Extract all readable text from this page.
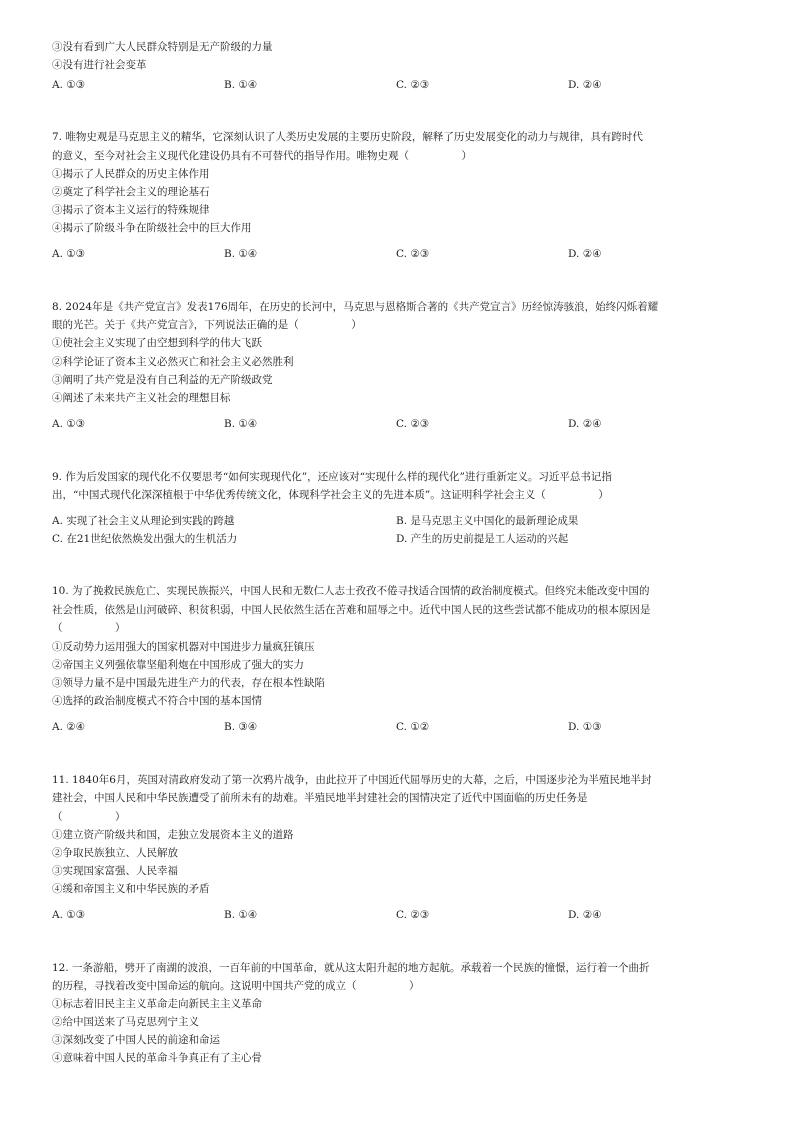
③没有看到广大人民群众特别是无产阶级的力量
④没有进行社会变革
A. ①③	B. ①④	C. ②③	D. ②④
7. 唯物史观是马克思主义的精华，它深刻认识了人类历史发展的主要历史阶段，解释了历史发展变化的动力与规律，具有跨时代
的意义，至今对社会主义现代化建设仍具有不可替代的指导作用。唯物史观（　　　　　）
①揭示了人民群众的历史主体作用
②奠定了科学社会主义的理论基石
③揭示了资本主义运行的特殊规律
④揭示了阶级斗争在阶级社会中的巨大作用
A. ①③	B. ①④	C. ②③	D. ②④
8. 2024年是《共产党宣言》发表176周年，在历史的长河中，马克思与恩格斯合著的《共产党宣言》历经惊涛骇浪，始终闪烁着耀
眼的光芒。关于《共产党宣言》，下列说法正确的是（　　　　　）
①使社会主义实现了由空想到科学的伟大飞跃
②科学论证了资本主义必然灭亡和社会主义必然胜利
③阐明了共产党是没有自己利益的无产阶级政党
④阐述了未来共产主义社会的理想目标
A. ①③	B. ①④	C. ②③	D. ②④
9. 作为后发国家的现代化不仅要思考“如何实现现代化”，还应该对“实现什么样的现代化”进行重新定义。习近平总书记指
出，“中国式现代化深深植根于中华优秀传统文化，体现科学社会主义的先进本质”。这证明科学社会主义（　　　　　）
A. 实现了社会主义从理论到实践的跨越	B. 是马克思主义中国化的最新理论成果
C. 在21世纪依然焕发出强大的生机活力	D. 产生的历史前提是工人运动的兴起
10. 为了挽救民族危亡、实现民族振兴，中国人民和无数仁人志士孜孜不倦寻找适合国情的政治制度模式。但终究未能改变中国的
社会性质，依然是山河破碎、积贫积弱，中国人民依然生活在苦难和屈辱之中。近代中国人民的这些尝试都不能成功的根本原因是
（　　　　　）
①反动势力运用强大的国家机器对中国进步力量疯狂镇压
②帝国主义列强依靠坚船利炮在中国形成了强大的实力
③领导力量不是中国最先进生产力的代表，存在根本性缺陷
④选择的政治制度模式不符合中国的基本国情
A. ②④	B. ③④	C. ①②	D. ①③
11. 1840年6月，英国对清政府发动了第一次鸦片战争，由此拉开了中国近代屈辱历史的大幕，之后，中国逐步沦为半殖民地半封
建社会，中国人民和中华民族遭受了前所未有的劫难。半殖民地半封建社会的国情决定了近代中国面临的历史任务是
（　　　　　）
①建立资产阶级共和国，走独立发展资本主义的道路
②争取民族独立、人民解放
③实现国家富强、人民幸福
④缓和帝国主义和中华民族的矛盾
A. ①③	B. ①④	C. ②③	D. ②④
12. 一条游船，劈开了南湖的波浪，一百年前的中国革命，就从这太阳升起的地方起航。承载着一个民族的憧憬，运行着一个曲折
的历程，寻找着改变中国命运的航向。这说明中国共产党的成立（　　　　　）
①标志着旧民主主义革命走向新民主主义革命
②给中国送来了马克思列宁主义
③深刻改变了中国人民的前途和命运
④意味着中国人民的革命斗争真正有了主心骨
